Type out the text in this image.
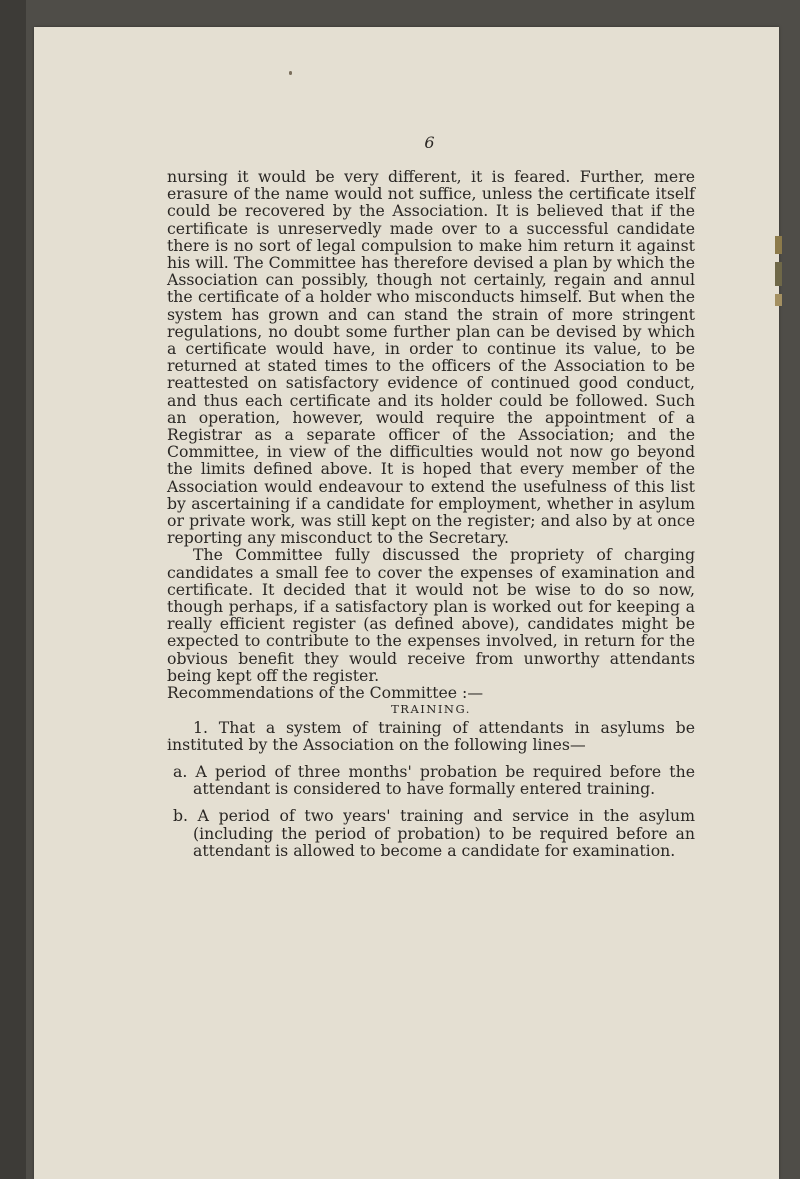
6

nursing it would be very different, it is feared. Further, mere erasure of the name would not suffice, unless the certificate itself could be recovered by the Association. It is believed that if the certificate is unreservedly made over to a successful candidate there is no sort of legal compulsion to make him return it against his will. The Committee has therefore devised a plan by which the Association can possibly, though not certainly, regain and annul the certificate of a holder who misconducts himself. But when the system has grown and can stand the strain of more stringent regulations, no doubt some further plan can be devised by which a certificate would have, in order to continue its value, to be returned at stated times to the officers of the Association to be reattested on satisfactory evidence of continued good conduct, and thus each certificate and its holder could be followed. Such an operation, however, would require the appointment of a Registrar as a separate officer of the Association; and the Committee, in view of the difficulties would not now go beyond the limits defined above. It is hoped that every member of the Association would endeavour to extend the usefulness of this list by ascertaining if a candidate for employment, whether in asylum or private work, was still kept on the register; and also by at once reporting any misconduct to the Secretary.

The Committee fully discussed the propriety of charging candidates a small fee to cover the expenses of examination and certificate. It decided that it would not be wise to do so now, though perhaps, if a satisfactory plan is worked out for keeping a really efficient register (as defined above), candidates might be expected to contribute to the expenses involved, in return for the obvious benefit they would receive from unworthy attendants being kept off the register.

Recommendations of the Committee :—

TRAINING.

1. That a system of training of attendants in asylums be instituted by the Association on the following lines—

a. A period of three months' probation be required before the attendant is considered to have formally entered training.

b. A period of two years' training and service in the asylum (including the period of probation) to be required before an attendant is allowed to become a candidate for examination.
